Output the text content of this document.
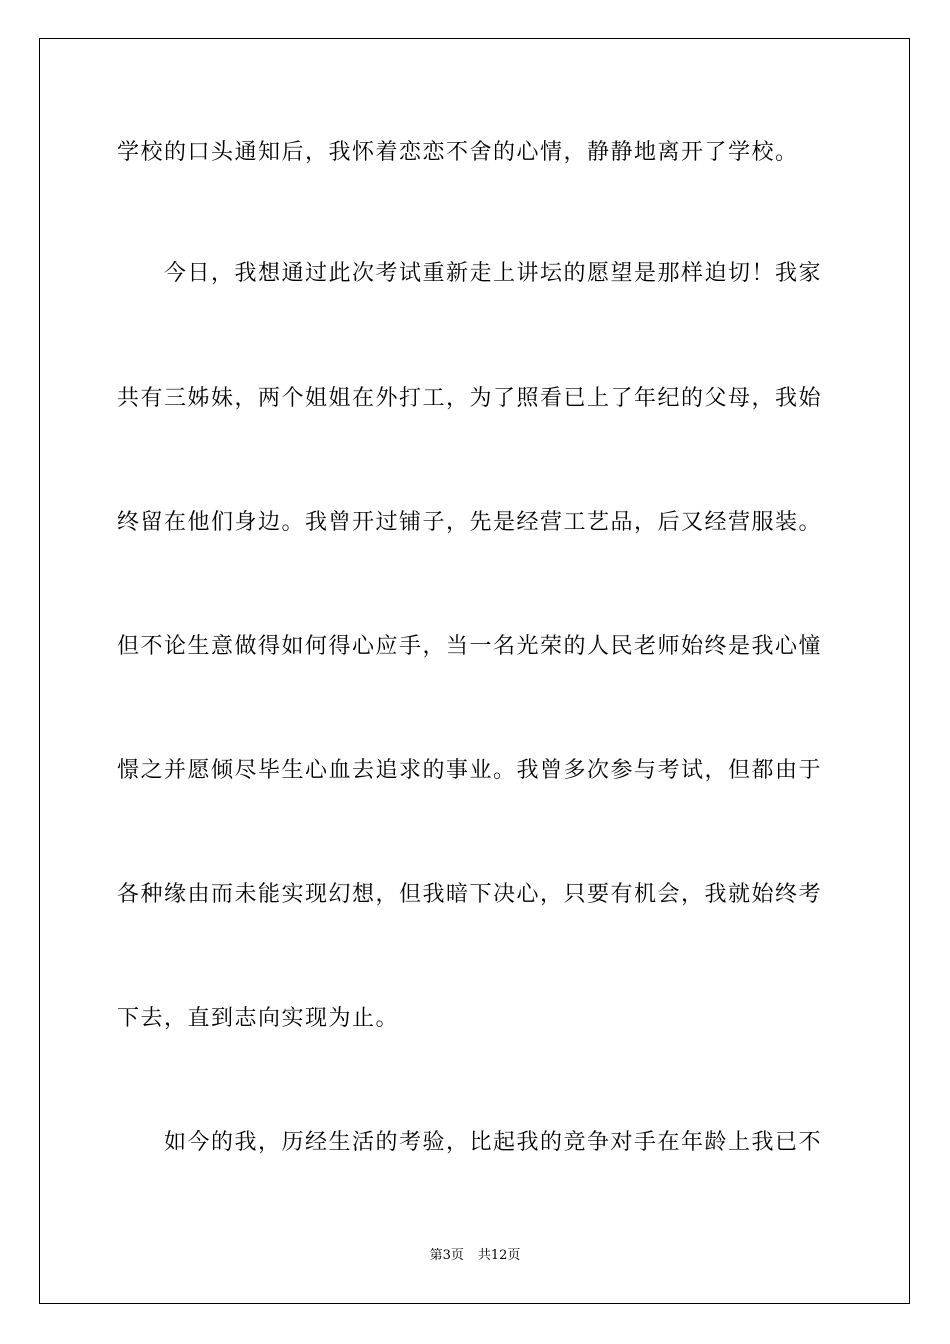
学校的口头通知后，我怀着恋恋不舍的心情，静静地离开了学校。
今日，我想通过此次考试重新走上讲坛的愿望是那样迫切！我家
共有三姊妹，两个姐姐在外打工，为了照看已上了年纪的父母，我始
终留在他们身边。我曾开过铺子，先是经营工艺品，后又经营服装。
但不论生意做得如何得心应手，当一名光荣的人民老师始终是我心憧
憬之并愿倾尽毕生心血去追求的事业。我曾多次参与考试，但都由于
各种缘由而未能实现幻想，但我暗下决心，只要有机会，我就始终考
下去，直到志向实现为止。
如今的我，历经生活的考验，比起我的竞争对手在年龄上我已不
第3页 共12页
